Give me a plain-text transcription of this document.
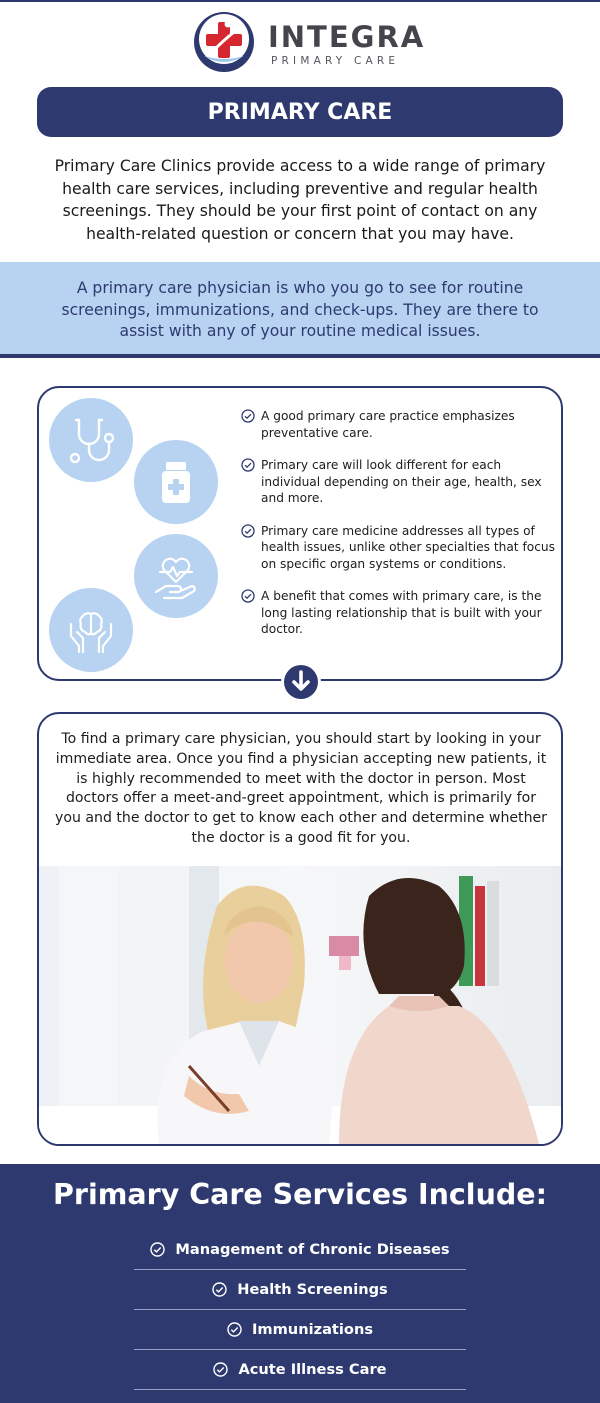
INTEGRA
PRIMARY CARE
PRIMARY CARE

Primary Care Clinics provide access to a wide range of primary health care services, including preventive and regular health screenings. They should be your first point of contact on any health-related question or concern that you may have.

A primary care physician is who you go to see for routine screenings, immunizations, and check-ups. They are there to assist with any of your routine medical issues.

A good primary care practice emphasizes preventative care.
Primary care will look different for each individual depending on their age, health, sex and more.
Primary care medicine addresses all types of health issues, unlike other specialties that focus on specific organ systems or conditions.
A benefit that comes with primary care, is the long lasting relationship that is built with your doctor.

To find a primary care physician, you should start by looking in your immediate area. Once you find a physician accepting new patients, it is highly recommended to meet with the doctor in person. Most doctors offer a meet-and-greet appointment, which is primarily for you and the doctor to get to know each other and determine whether the doctor is a good fit for you.

Primary Care Services Include:
Management of Chronic Diseases
Health Screenings
Immunizations
Acute Illness Care
